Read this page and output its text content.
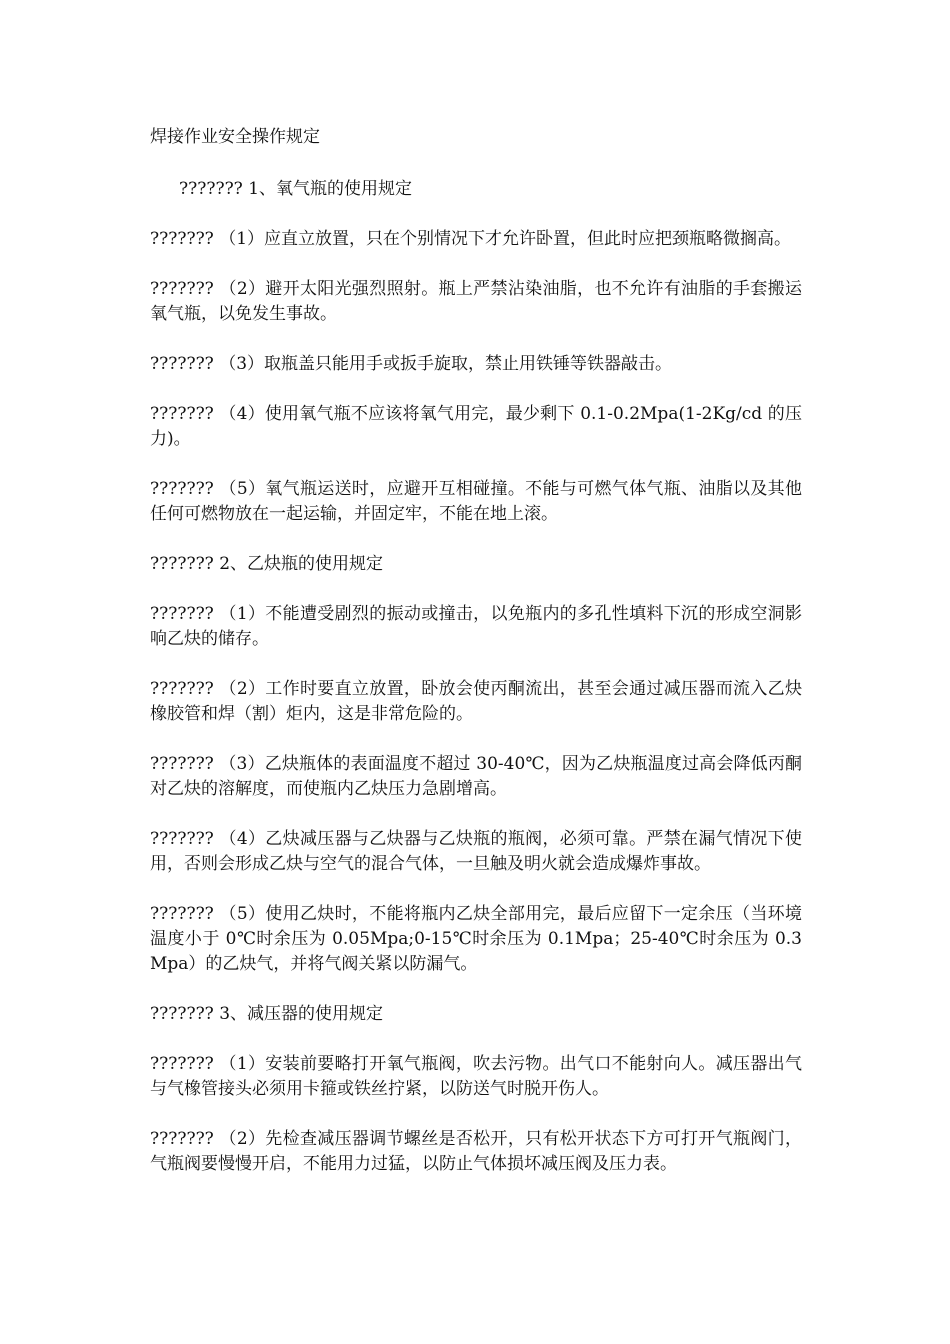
焊接作业安全操作规定

??????? 1、氧气瓶的使用规定

??????? （1）应直立放置，只在个别情况下才允许卧置，但此时应把颈瓶略微搁高。

??????? （2）避开太阳光强烈照射。瓶上严禁沾染油脂，也不允许有油脂的手套搬运氧气瓶，以免发生事故。

??????? （3）取瓶盖只能用手或扳手旋取，禁止用铁锤等铁器敲击。

??????? （4）使用氧气瓶不应该将氧气用完，最少剩下 0.1-0.2Mpa(1-2Kg/cd 的压力)。

??????? （5）氧气瓶运送时，应避开互相碰撞。不能与可燃气体气瓶、油脂以及其他任何可燃物放在一起运输，并固定牢，不能在地上滚。

??????? 2、乙炔瓶的使用规定

??????? （1）不能遭受剧烈的振动或撞击，以免瓶内的多孔性填料下沉的形成空洞影响乙炔的储存。

??????? （2）工作时要直立放置，卧放会使丙酮流出，甚至会通过减压器而流入乙炔橡胶管和焊（割）炬内，这是非常危险的。

??????? （3）乙炔瓶体的表面温度不超过 30-40℃，因为乙炔瓶温度过高会降低丙酮对乙炔的溶解度，而使瓶内乙炔压力急剧增高。

??????? （4）乙炔减压器与乙炔器与乙炔瓶的瓶阀，必须可靠。严禁在漏气情况下使用，否则会形成乙炔与空气的混合气体，一旦触及明火就会造成爆炸事故。

??????? （5）使用乙炔时，不能将瓶内乙炔全部用完，最后应留下一定余压（当环境温度小于 0℃时余压为 0.05Mpa;0-15℃时余压为 0.1Mpa；25-40℃时余压为 0.3Mpa）的乙炔气，并将气阀关紧以防漏气。

??????? 3、减压器的使用规定

??????? （1）安装前要略打开氧气瓶阀，吹去污物。出气口不能射向人。减压器出气与气橡管接头必须用卡箍或铁丝拧紧，以防送气时脱开伤人。

??????? （2）先检查减压器调节螺丝是否松开，只有松开状态下方可打开气瓶阀门，气瓶阀要慢慢开启，不能用力过猛，以防止气体损坏减压阀及压力表。
